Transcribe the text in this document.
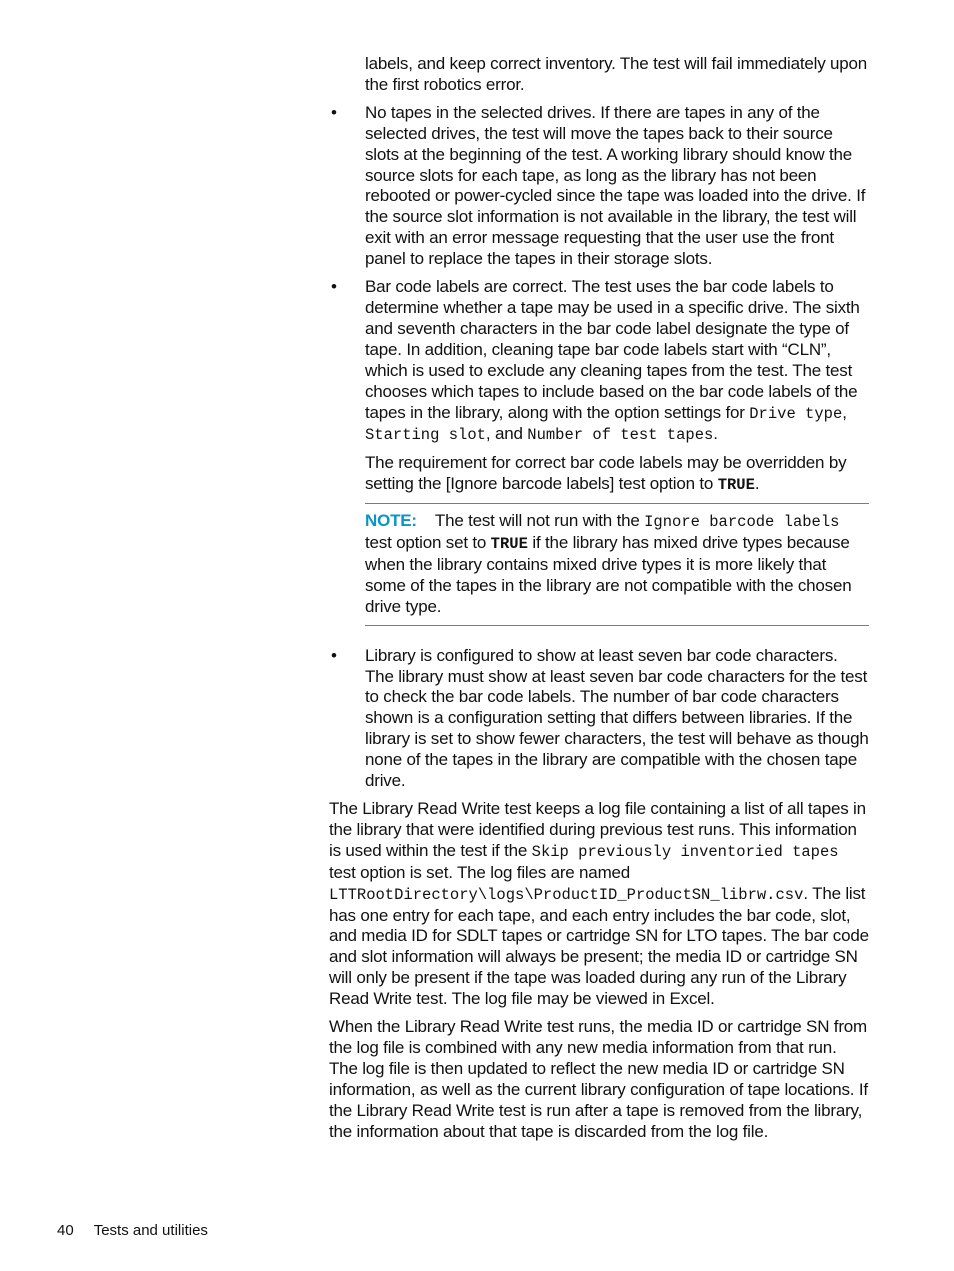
labels, and keep correct inventory. The test will fail immediately upon the first robotics error.

• No tapes in the selected drives. If there are tapes in any of the selected drives, the test will move the tapes back to their source slots at the beginning of the test. A working library should know the source slots for each tape, as long as the library has not been rebooted or power-cycled since the tape was loaded into the drive. If the source slot information is not available in the library, the test will exit with an error message requesting that the user use the front panel to replace the tapes in their storage slots.

• Bar code labels are correct. The test uses the bar code labels to determine whether a tape may be used in a specific drive. The sixth and seventh characters in the bar code label designate the type of tape. In addition, cleaning tape bar code labels start with “CLN”, which is used to exclude any cleaning tapes from the test. The test chooses which tapes to include based on the bar code labels of the tapes in the library, along with the option settings for Drive type, Starting slot, and Number of test tapes.

The requirement for correct bar code labels may be overridden by setting the [Ignore barcode labels] test option to TRUE.

NOTE: The test will not run with the Ignore barcode labels test option set to TRUE if the library has mixed drive types because when the library contains mixed drive types it is more likely that some of the tapes in the library are not compatible with the chosen drive type.

• Library is configured to show at least seven bar code characters. The library must show at least seven bar code characters for the test to check the bar code labels. The number of bar code characters shown is a configuration setting that differs between libraries. If the library is set to show fewer characters, the test will behave as though none of the tapes in the library are compatible with the chosen tape drive.

The Library Read Write test keeps a log file containing a list of all tapes in the library that were identified during previous test runs. This information is used within the test if the Skip previously inventoried tapes test option is set. The log files are named LTTRootDirectory\logs\ProductID_ProductSN_librw.csv. The list has one entry for each tape, and each entry includes the bar code, slot, and media ID for SDLT tapes or cartridge SN for LTO tapes. The bar code and slot information will always be present; the media ID or cartridge SN will only be present if the tape was loaded during any run of the Library Read Write test. The log file may be viewed in Excel.

When the Library Read Write test runs, the media ID or cartridge SN from the log file is combined with any new media information from that run. The log file is then updated to reflect the new media ID or cartridge SN information, as well as the current library configuration of tape locations. If the Library Read Write test is run after a tape is removed from the library, the information about that tape is discarded from the log file.

40 Tests and utilities
